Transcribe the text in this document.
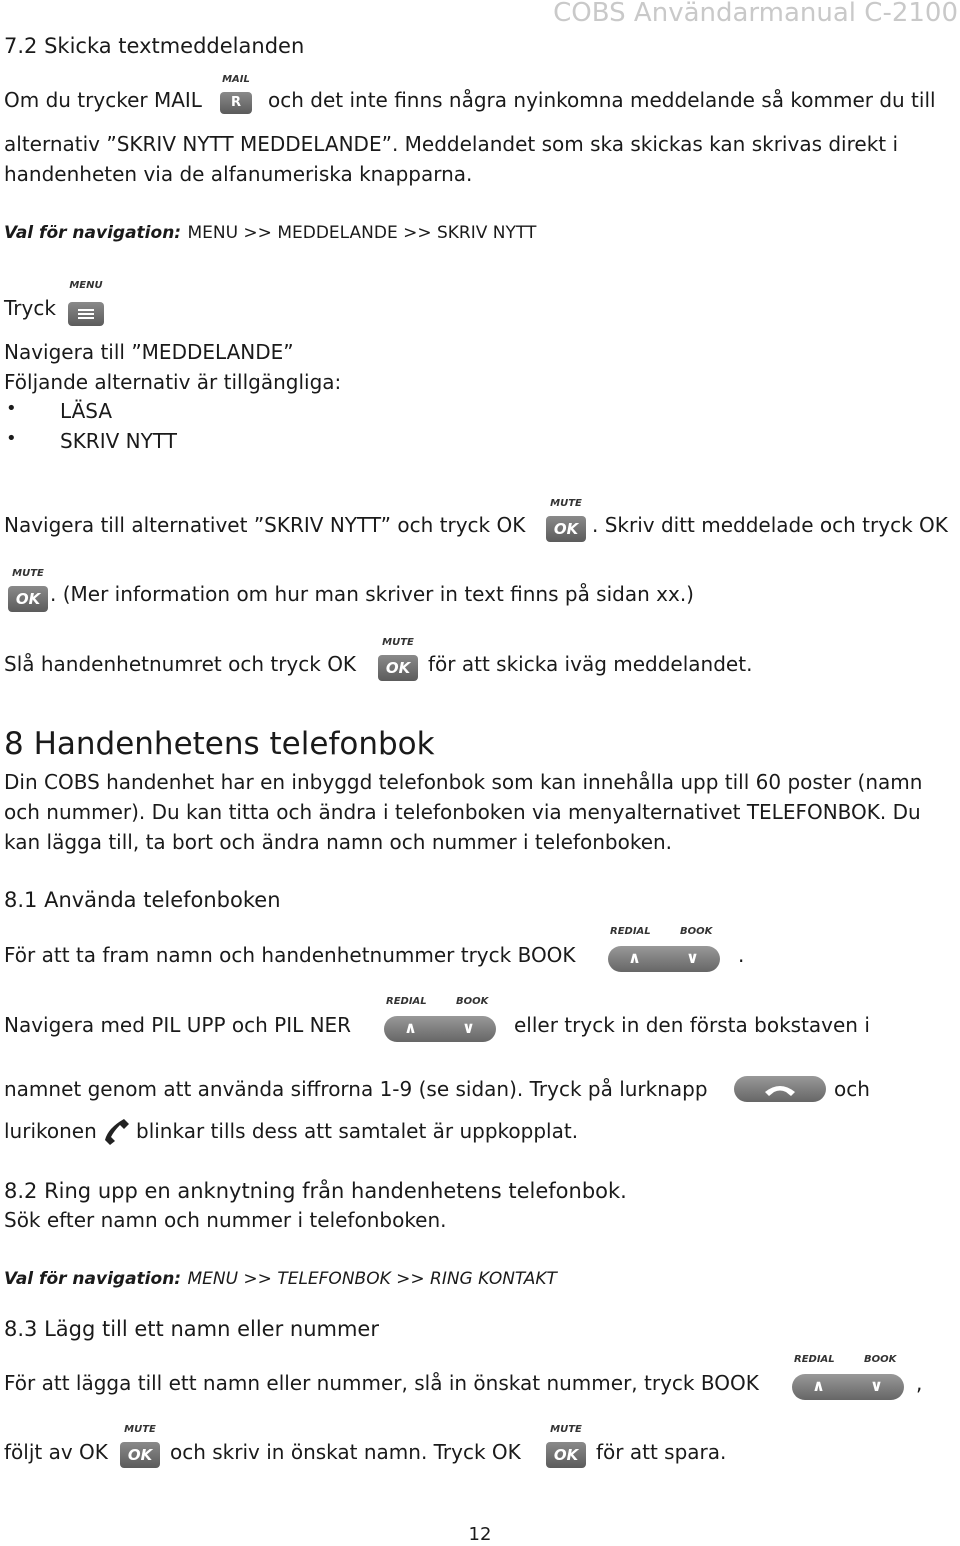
COBS Användarmanual C-2100
7.2 Skicka textmeddelanden
Om du trycker MAIL
MAIL
R	och det inte finns några nyinkomna meddelande så kommer du till
alternativ ”SKRIV NYTT MEDDELANDE”. Meddelandet som ska skickas kan skrivas direkt i
handenheten via de alfanumeriska knapparna.
Val för navigation: MENU >> MEDDELANDE >> SKRIV NYTT
Tryck
MENU
Navigera till ”MEDDELANDE”
Följande alternativ är tillgängliga:
• LÄSA
• SKRIV NYTT
Navigera till alternativet ”SKRIV NYTT” och tryck OK
MUTE
OK . Skriv ditt meddelade och tryck OK
MUTE
OK . (Mer information om hur man skriver in text finns på sidan xx.)
Slå handenhetnumret och tryck OK
MUTE
OK för att skicka iväg meddelandet.
8 Handenhetens telefonbok
Din COBS handenhet har en inbyggd telefonbok som kan innehålla upp till 60 poster (namn
och nummer). Du kan titta och ändra i telefonboken via menyalternativet TELEFONBOK. Du
kan lägga till, ta bort och ändra namn och nummer i telefonboken.
8.1 Använda telefonboken
För att ta fram namn och handenhetnummer tryck BOOK
REDIAL	BOOK
∧	∨ .
Navigera med PIL UPP och PIL NER
REDIAL	BOOK
∧	∨ eller tryck in den första bokstaven i
namnet genom att använda siffrorna 1-9 (se sidan). Tryck på lurknapp	och
lurikonen blinkar tills dess att samtalet är uppkopplat.
8.2 Ring upp en anknytning från handenhetens telefonbok.
Sök efter namn och nummer i telefonboken.
Val för navigation: MENU >> TELEFONBOK >> RING KONTAKT
8.3 Lägg till ett namn eller nummer
För att lägga till ett namn eller nummer, slå in önskat nummer, tryck BOOK
REDIAL	BOOK
∧	∨ ,
följt av OK
MUTE
OK och skriv in önskat namn. Tryck OK
MUTE
OK för att spara.
12
